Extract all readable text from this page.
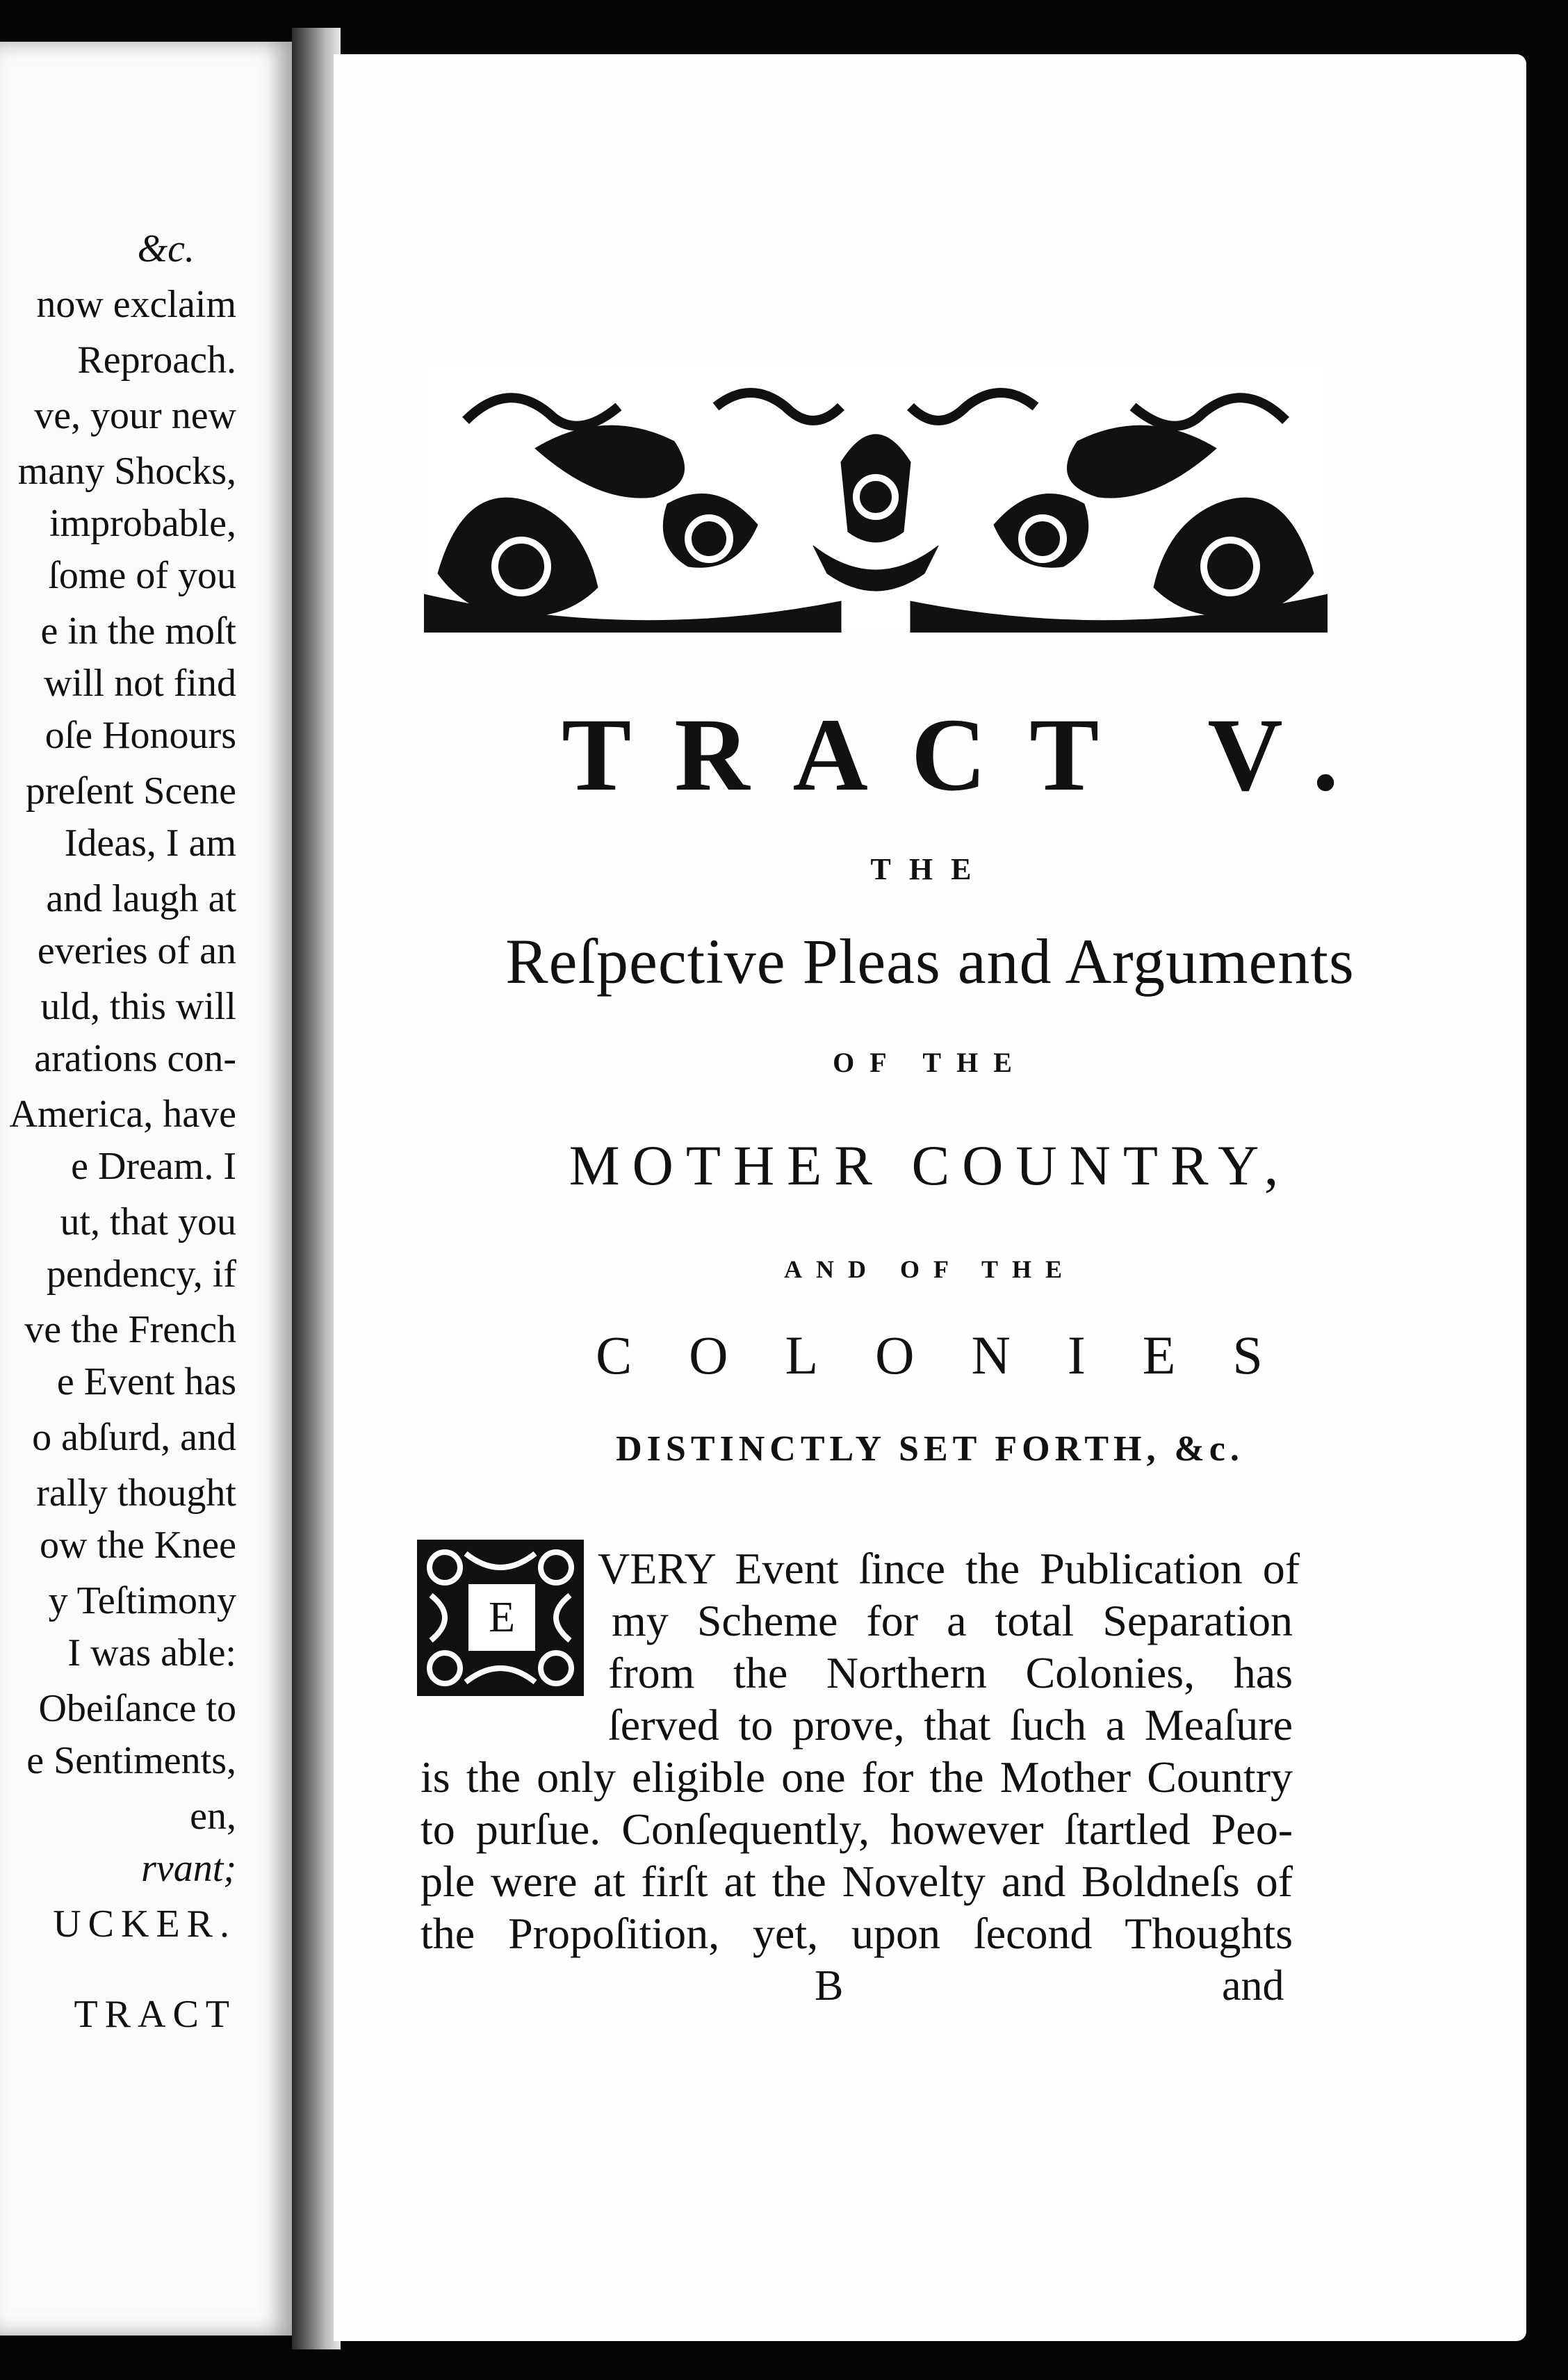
&c.
now exclaim
Reproach.
ve, your new
many Shocks,
improbable,
ſome of you
e in the moſt
will not find
oſe Honours
preſent Scene
Ideas, I am
and laugh at
everies of an
uld, this will
arations con-
America, have
e Dream. I
ut, that you
pendency, if
ve the French
e Event has
o abſurd, and
rally thought
ow the Knee
y Teſtimony
I was able:
Obeiſance to
e Sentiments,
en,
rvant;
UCKER.
TRACT
TRACT V.
THE
Reſpective Pleas and Arguments
OF THE
MOTHER COUNTRY,
AND OF THE
COLONIES
DISTINCTLY SET FORTH, &c.
E
VERY Event ſince the Publication of
my Scheme for a total Separation
from the Northern Colonies, has
ſerved to prove, that ſuch a Meaſure
is the only eligible one for the Mother Country
to purſue. Conſequently, however ſtartled Peo-
ple were at firſt at the Novelty and Boldneſs of
the Propoſition, yet, upon ſecond Thoughts
B	and
